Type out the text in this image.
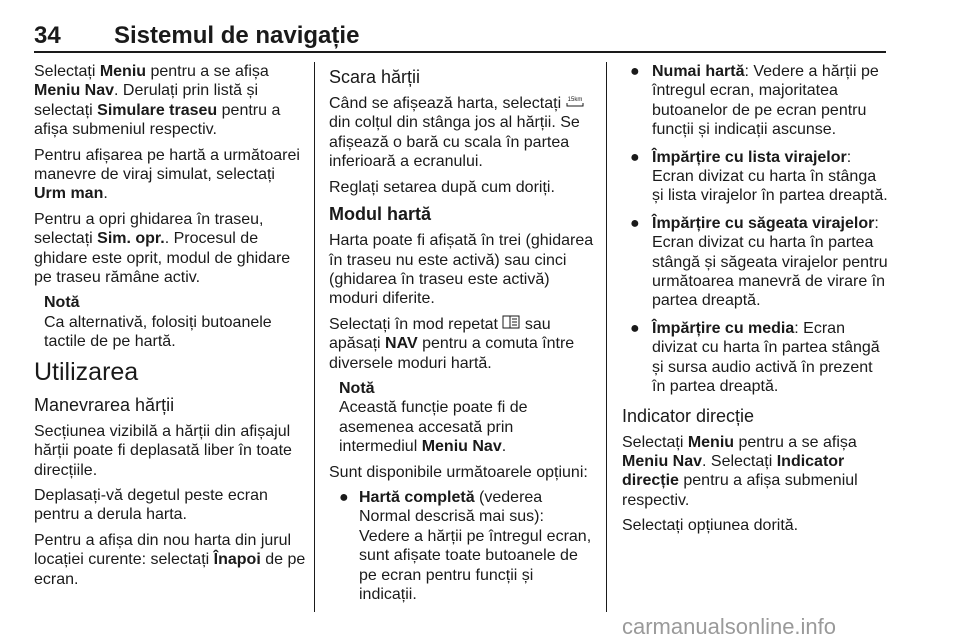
34 Sistemul de navigație

Selectați Meniu pentru a se afișa Meniu Nav. Derulați prin listă și selectați Simulare traseu pentru a afișa submeniul respectiv.

Pentru afișarea pe hartă a următoarei manevre de viraj simulat, selectați Urm man.

Pentru a opri ghidarea în traseu, selectați Sim. opr.. Procesul de ghidare este oprit, modul de ghidare pe traseu rămâne activ.

Notă
Ca alternativă, folosiți butoanele tactile de pe hartă.
Utilizarea
Manevrarea hărții

Secțiunea vizibilă a hărții din afișajul hărții poate fi deplasată liber în toate direcțiile.

Deplasați-vă degetul peste ecran pentru a derula harta.

Pentru a afișa din nou harta din jurul locației curente: selectați Înapoi de pe ecran.

Scara hărții

Când se afișează harta, selectați 15km
din colțul din stânga jos al hărții. Se afișează o bară cu scala în partea inferioară a ecranului.

Reglați setarea după cum doriți.

Modul hartă

Harta poate fi afișată în trei (ghidarea în traseu nu este activă) sau cinci (ghidarea în traseu este activă) moduri diferite.

Selectați în mod repetat  sau apăsați NAV pentru a comuta între diversele moduri hartă.

Notă
Această funcție poate fi de asemenea accesată prin intermediul Meniu Nav.

Sunt disponibile următoarele opțiuni:

● Hartă completă (vederea Normal descrisă mai sus): Vedere a hărții pe întregul ecran, sunt afișate toate butoanele de pe ecran pentru funcții și indicații.
● Numai hartă: Vedere a hărții pe întregul ecran, majoritatea butoanelor de pe ecran pentru funcții și indicații ascunse.
● Împărțire cu lista virajelor: Ecran divizat cu harta în stânga și lista virajelor în partea dreaptă.
● Împărțire cu săgeata virajelor: Ecran divizat cu harta în partea stângă și săgeata virajelor pentru următoarea manevră de virare în partea dreaptă.
● Împărțire cu media: Ecran divizat cu harta în partea stângă și sursa audio activă în prezent în partea dreaptă.
Indicator direcție

Selectați Meniu pentru a se afișa Meniu Nav. Selectați Indicator direcție pentru a afișa submeniul respectiv.

Selectați opțiunea dorită.

carmanualsonline.info
